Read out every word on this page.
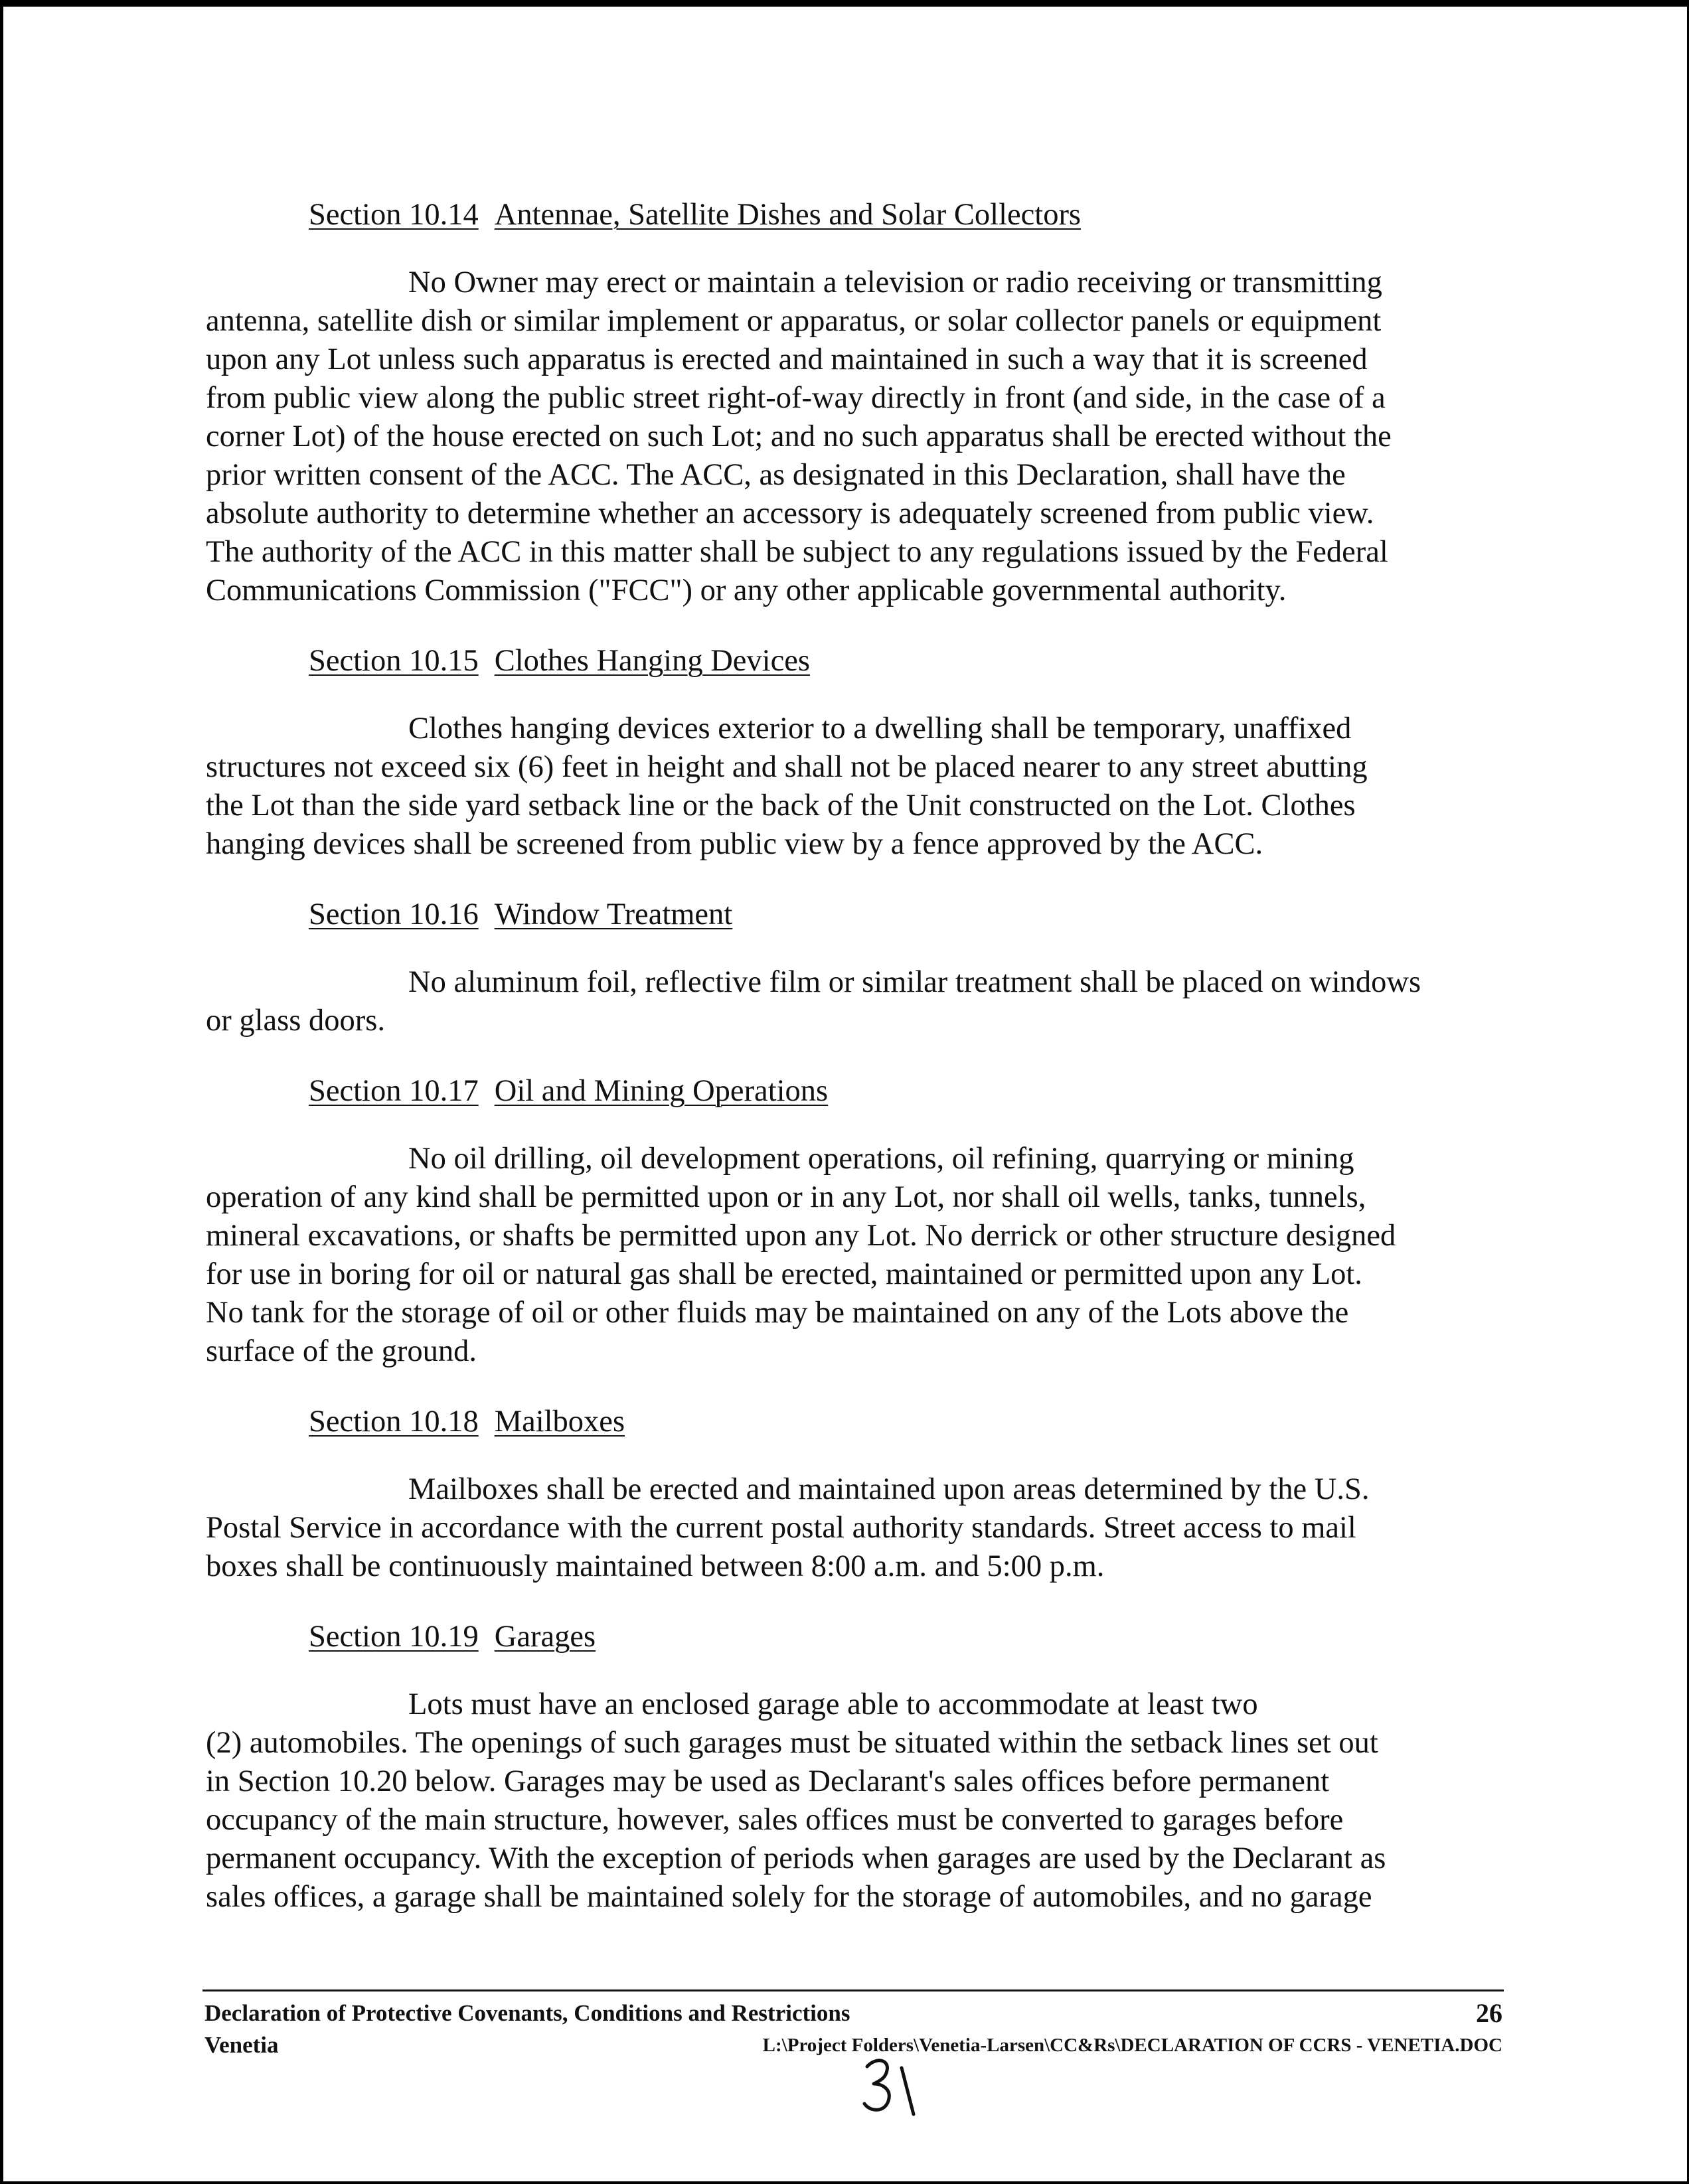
Section 10.14 Antennae, Satellite Dishes and Solar Collectors
No Owner may erect or maintain a television or radio receiving or transmitting
antenna, satellite dish or similar implement or apparatus, or solar collector panels or equipment
upon any Lot unless such apparatus is erected and maintained in such a way that it is screened
from public view along the public street right-of-way directly in front (and side, in the case of a
corner Lot) of the house erected on such Lot; and no such apparatus shall be erected without the
prior written consent of the ACC. The ACC, as designated in this Declaration, shall have the
absolute authority to determine whether an accessory is adequately screened from public view.
The authority of the ACC in this matter shall be subject to any regulations issued by the Federal
Communications Commission ("FCC") or any other applicable governmental authority.
Section 10.15 Clothes Hanging Devices
Clothes hanging devices exterior to a dwelling shall be temporary, unaffixed
structures not exceed six (6) feet in height and shall not be placed nearer to any street abutting
the Lot than the side yard setback line or the back of the Unit constructed on the Lot. Clothes
hanging devices shall be screened from public view by a fence approved by the ACC.
Section 10.16 Window Treatment
No aluminum foil, reflective film or similar treatment shall be placed on windows
or glass doors.
Section 10.17 Oil and Mining Operations
No oil drilling, oil development operations, oil refining, quarrying or mining
operation of any kind shall be permitted upon or in any Lot, nor shall oil wells, tanks, tunnels,
mineral excavations, or shafts be permitted upon any Lot. No derrick or other structure designed
for use in boring for oil or natural gas shall be erected, maintained or permitted upon any Lot.
No tank for the storage of oil or other fluids may be maintained on any of the Lots above the
surface of the ground.
Section 10.18 Mailboxes
Mailboxes shall be erected and maintained upon areas determined by the U.S.
Postal Service in accordance with the current postal authority standards. Street access to mail
boxes shall be continuously maintained between 8:00 a.m. and 5:00 p.m.
Section 10.19 Garages
Lots must have an enclosed garage able to accommodate at least two
(2) automobiles. The openings of such garages must be situated within the setback lines set out
in Section 10.20 below. Garages may be used as Declarant's sales offices before permanent
occupancy of the main structure, however, sales offices must be converted to garages before
permanent occupancy. With the exception of periods when garages are used by the Declarant as
sales offices, a garage shall be maintained solely for the storage of automobiles, and no garage
Declaration of Protective Covenants, Conditions and Restrictions	26
Venetia	L:\Project Folders\Venetia-Larsen\CC&Rs\DECLARATION OF CCRS - VENETIA.DOC
